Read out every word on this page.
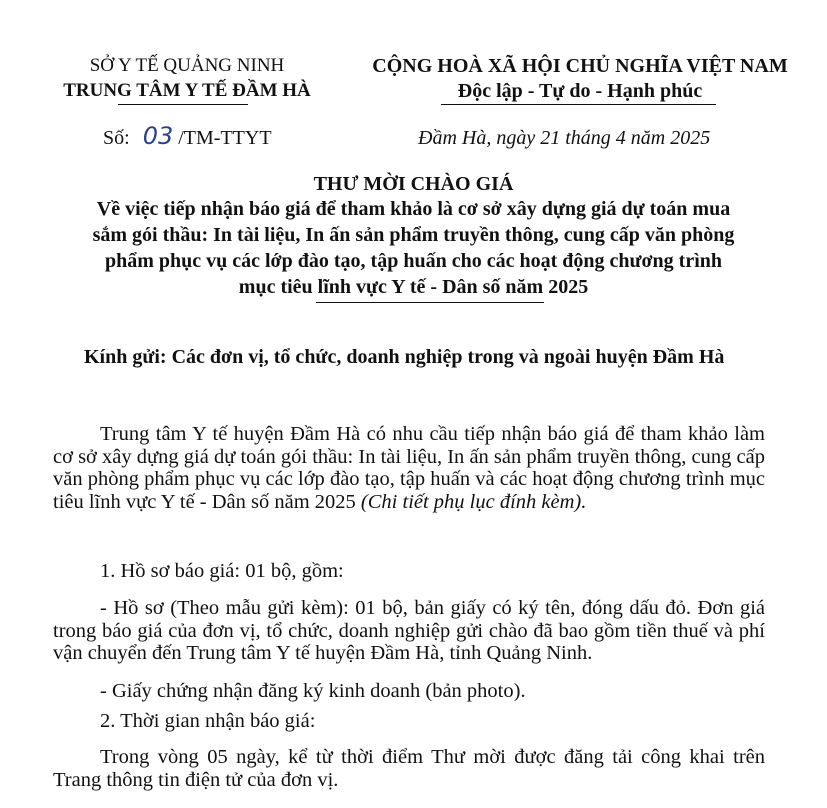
SỞ Y TẾ QUẢNG NINH
TRUNG TÂM Y TẾ ĐẦM HÀ
CỘNG HOÀ XÃ HỘI CHỦ NGHĨA VIỆT NAM
Độc lập - Tự do - Hạnh phúc
Số: 03 /TM-TTYT	Đầm Hà, ngày 21 tháng 4 năm 2025
THƯ MỜI CHÀO GIÁ
Về việc tiếp nhận báo giá để tham khảo là cơ sở xây dựng giá dự toán mua
sắm gói thầu: In tài liệu, In ấn sản phẩm truyền thông, cung cấp văn phòng
phẩm phục vụ các lớp đào tạo, tập huấn cho các hoạt động chương trình
mục tiêu lĩnh vực Y tế - Dân số năm 2025
Kính gửi: Các đơn vị, tổ chức, doanh nghiệp trong và ngoài huyện Đầm Hà
Trung tâm Y tế huyện Đầm Hà có nhu cầu tiếp nhận báo giá để tham khảo làm cơ sở xây dựng giá dự toán gói thầu: In tài liệu, In ấn sản phẩm truyền thông, cung cấp văn phòng phẩm phục vụ các lớp đào tạo, tập huấn và các hoạt động chương trình mục tiêu lĩnh vực Y tế - Dân số năm 2025 (Chi tiết phụ lục đính kèm).
1. Hồ sơ báo giá: 01 bộ, gồm:
- Hồ sơ (Theo mẫu gửi kèm): 01 bộ, bản giấy có ký tên, đóng dấu đỏ. Đơn giá trong báo giá của đơn vị, tổ chức, doanh nghiệp gửi chào đã bao gồm tiền thuế và phí vận chuyển đến Trung tâm Y tế huyện Đầm Hà, tỉnh Quảng Ninh.
- Giấy chứng nhận đăng ký kinh doanh (bản photo).
2. Thời gian nhận báo giá:
Trong vòng 05 ngày, kể từ thời điểm Thư mời được đăng tải công khai trên Trang thông tin điện tử của đơn vị.
